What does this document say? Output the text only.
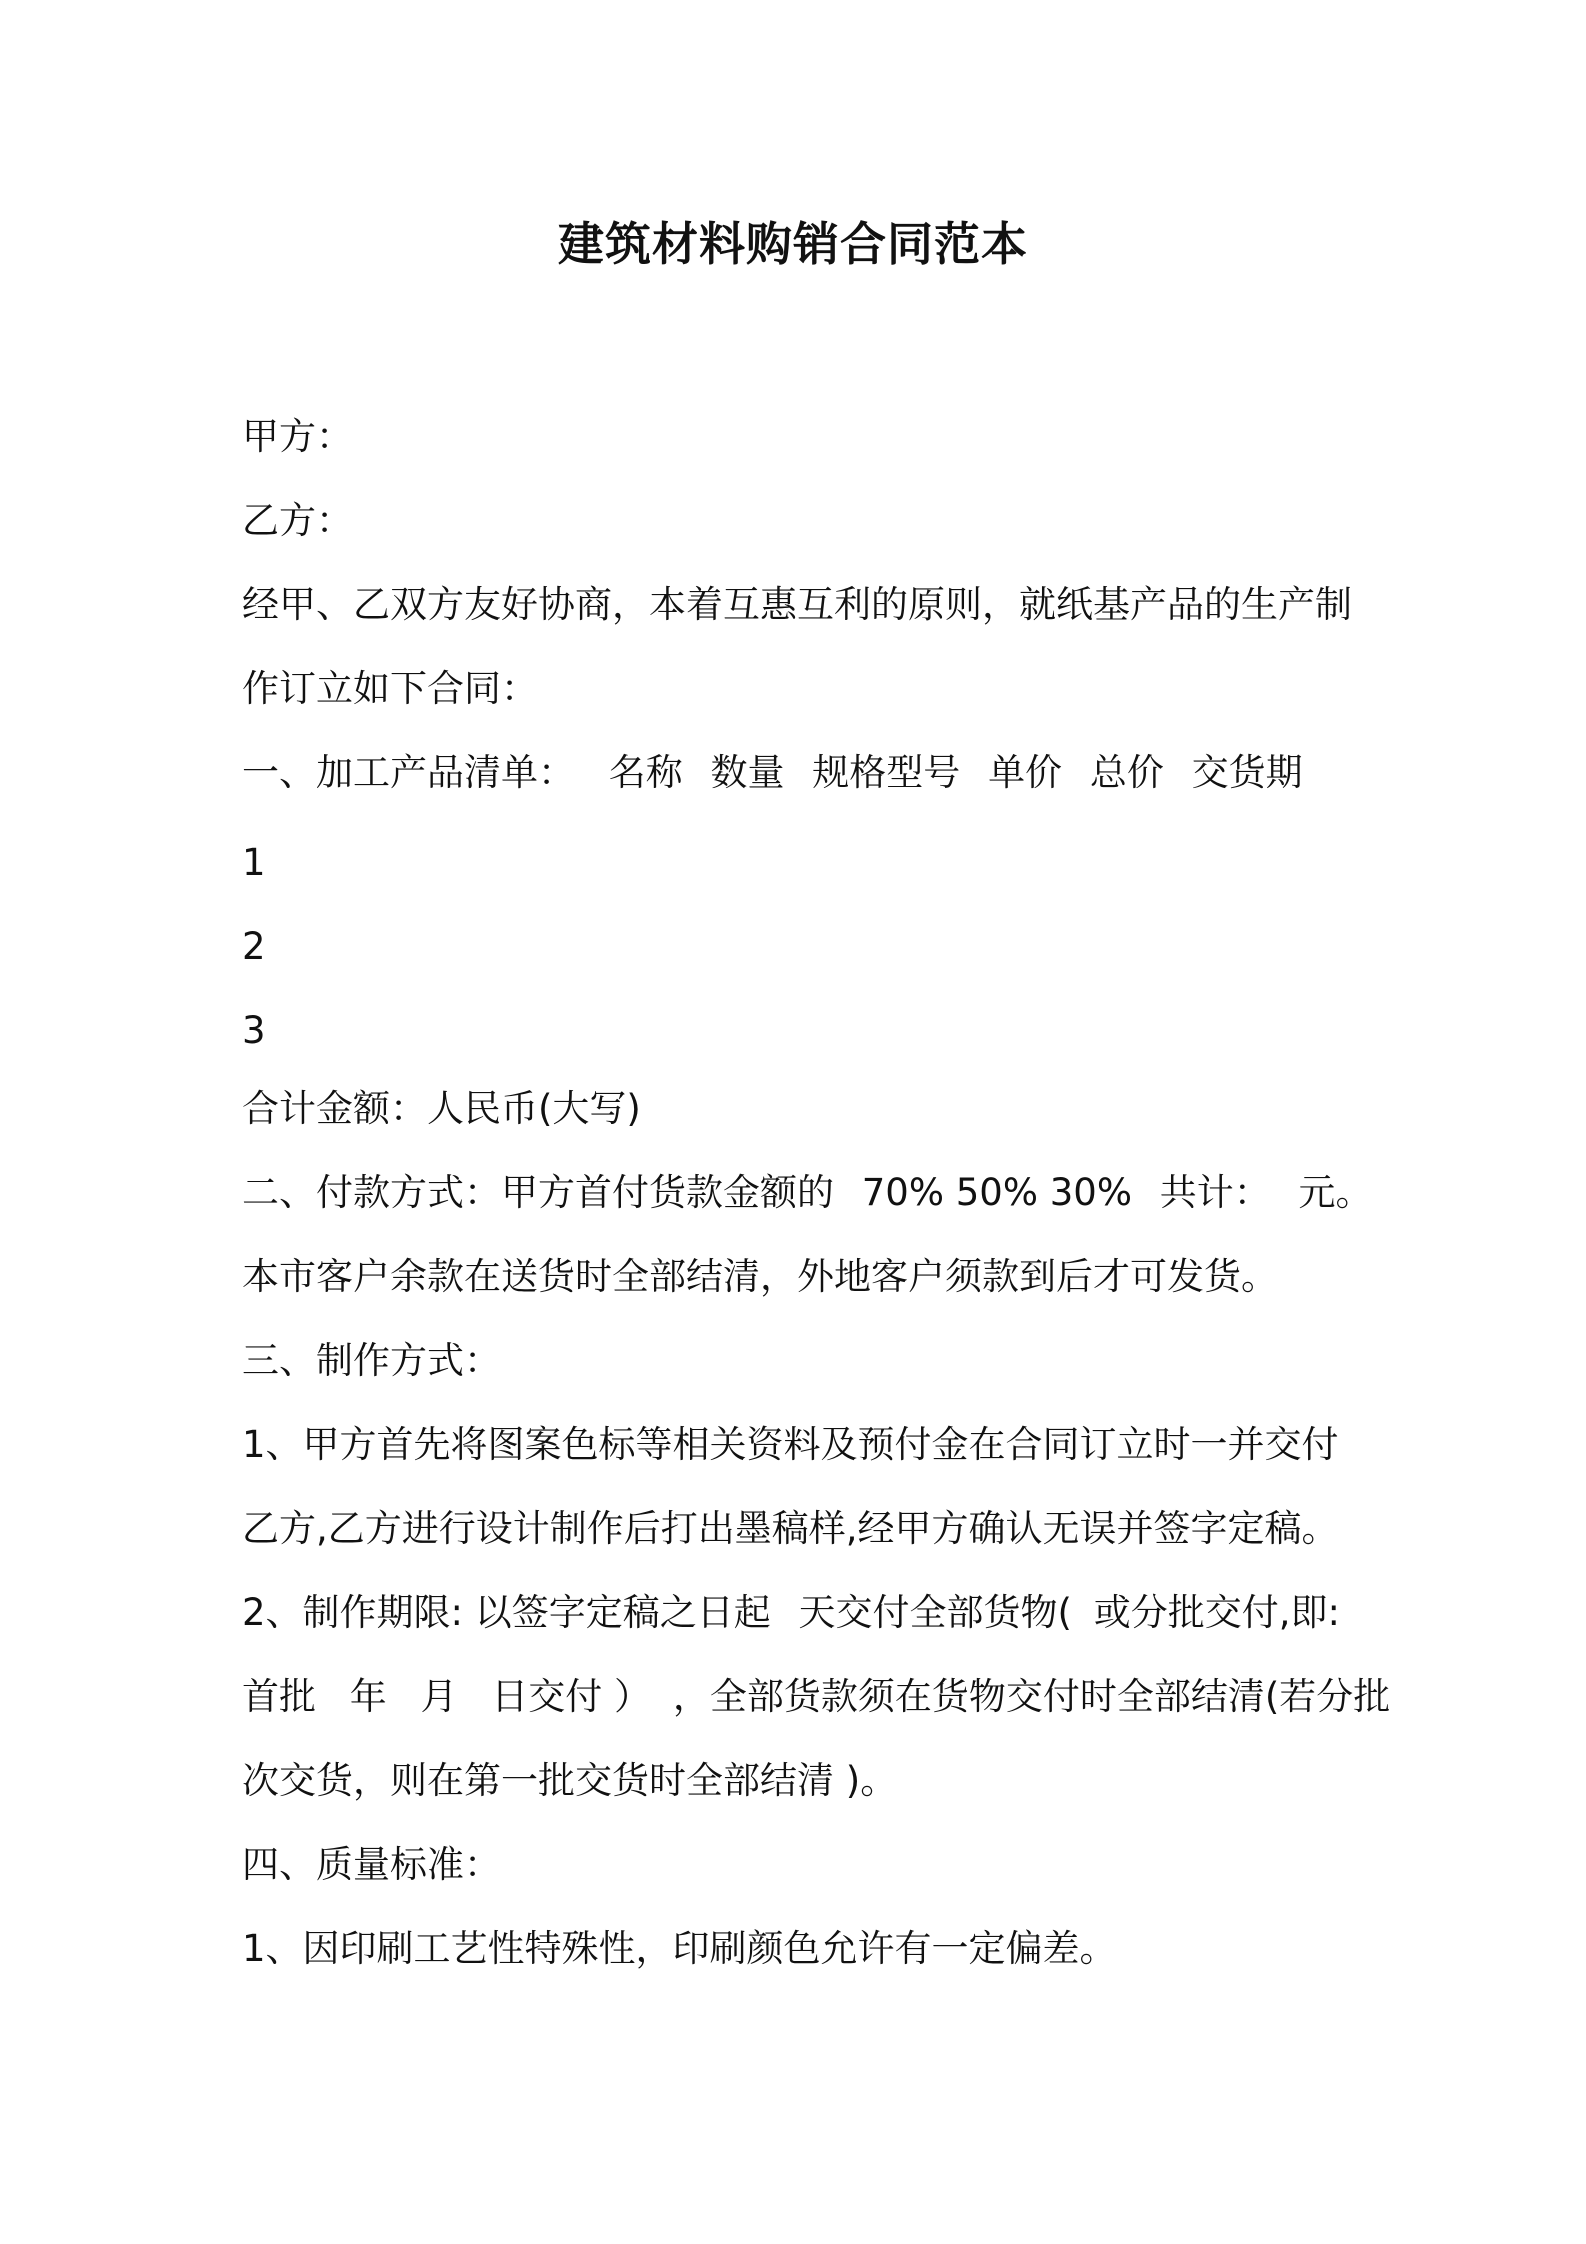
建筑材料购销合同范本
甲方：
乙方：
经甲、乙双方友好协商，本着互惠互利的原则，就纸基产品的生产制
作订立如下合同：
一、加工产品清单： 名称 数量 规格型号 单价 总价 交货期
1
2
3
合计金额：人民币(大写)
二、付款方式：甲方首付货款金额的 70% 50% 30% 共计： 元。
本市客户余款在送货时全部结清，外地客户须款到后才可发货。
三、制作方式：
1、甲方首先将图案色标等相关资料及预付金在合同订立时一并交付
乙方,乙方进行设计制作后打出墨稿样,经甲方确认无误并签字定稿。
2、制作期限: 以签字定稿之日起 天交付全部货物( 或分批交付,即:
首批 年 月 日交付 ） ，全部货款须在货物交付时全部结清(若分批
次交货，则在第一批交货时全部结清 )。
四、质量标准：
1、因印刷工艺性特殊性，印刷颜色允许有一定偏差。
